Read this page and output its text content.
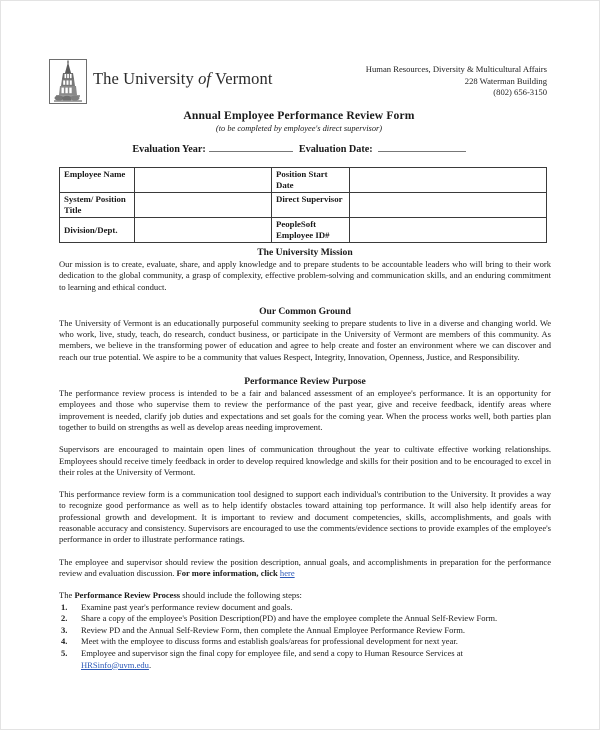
The University of Vermont	Human Resources, Diversity & Multicultural Affairs
228 Waterman Building
(802) 656-3150
Annual Employee Performance Review Form
(to be completed by employee's direct supervisor)
Evaluation Year:	Evaluation Date:
Employee Name		Position Start Date	
System/ Position Title		Direct Supervisor	
Division/Dept.		PeopleSoft Employee ID#	
The University Mission

Our mission is to create, evaluate, share, and apply knowledge and to prepare students to be accountable leaders who will bring to their work dedication to the global community, a grasp of complexity, effective problem-solving and communication skills, and an enduring commitment to learning and ethical conduct.

Our Common Ground

The University of Vermont is an educationally purposeful community seeking to prepare students to live in a diverse and changing world. We who work, live, study, teach, do research, conduct business, or participate in the University of Vermont are members of this community. As members, we believe in the transforming power of education and agree to help create and foster an environment where we can discover and reach our true potential. We aspire to be a community that values Respect, Integrity, Innovation, Openness, Justice, and Responsibility.

Performance Review Purpose

The performance review process is intended to be a fair and balanced assessment of an employee's performance. It is an opportunity for employees and those who supervise them to review the performance of the past year, give and receive feedback, identify areas where improvement is needed, clarify job duties and expectations and set goals for the coming year. When the process works well, both parties plan together to build on strengths as well as develop areas needing improvement.

Supervisors are encouraged to maintain open lines of communication throughout the year to cultivate effective working relationships. Employees should receive timely feedback in order to develop required knowledge and skills for their position and to be encouraged to excel in their roles at the University of Vermont.

This performance review form is a communication tool designed to support each individual's contribution to the University. It provides a way to recognize good performance as well as to help identify obstacles toward attaining top performance. It will also help identify areas for professional growth and development. It is important to review and document competencies, skills, accomplishments, and goals with reasonable accuracy and consistency. Supervisors are encouraged to use the comments/evidence sections to provide examples of the employee's performance in order to illustrate performance ratings.

The employee and supervisor should review the position description, annual goals, and accomplishments in preparation for the performance review and evaluation discussion. For more information, click here

The Performance Review Process should include the following steps:

1. Examine past year's performance review document and goals.
2. Share a copy of the employee's Position Description(PD) and have the employee complete the Annual Self-Review Form.
3. Review PD and the Annual Self-Review Form, then complete the Annual Employee Performance Review Form.
4. Meet with the employee to discuss forms and establish goals/areas for professional development for next year.
5. Employee and supervisor sign the final copy for employee file, and send a copy to Human Resource Services at
HRSinfo@uvm.edu.
